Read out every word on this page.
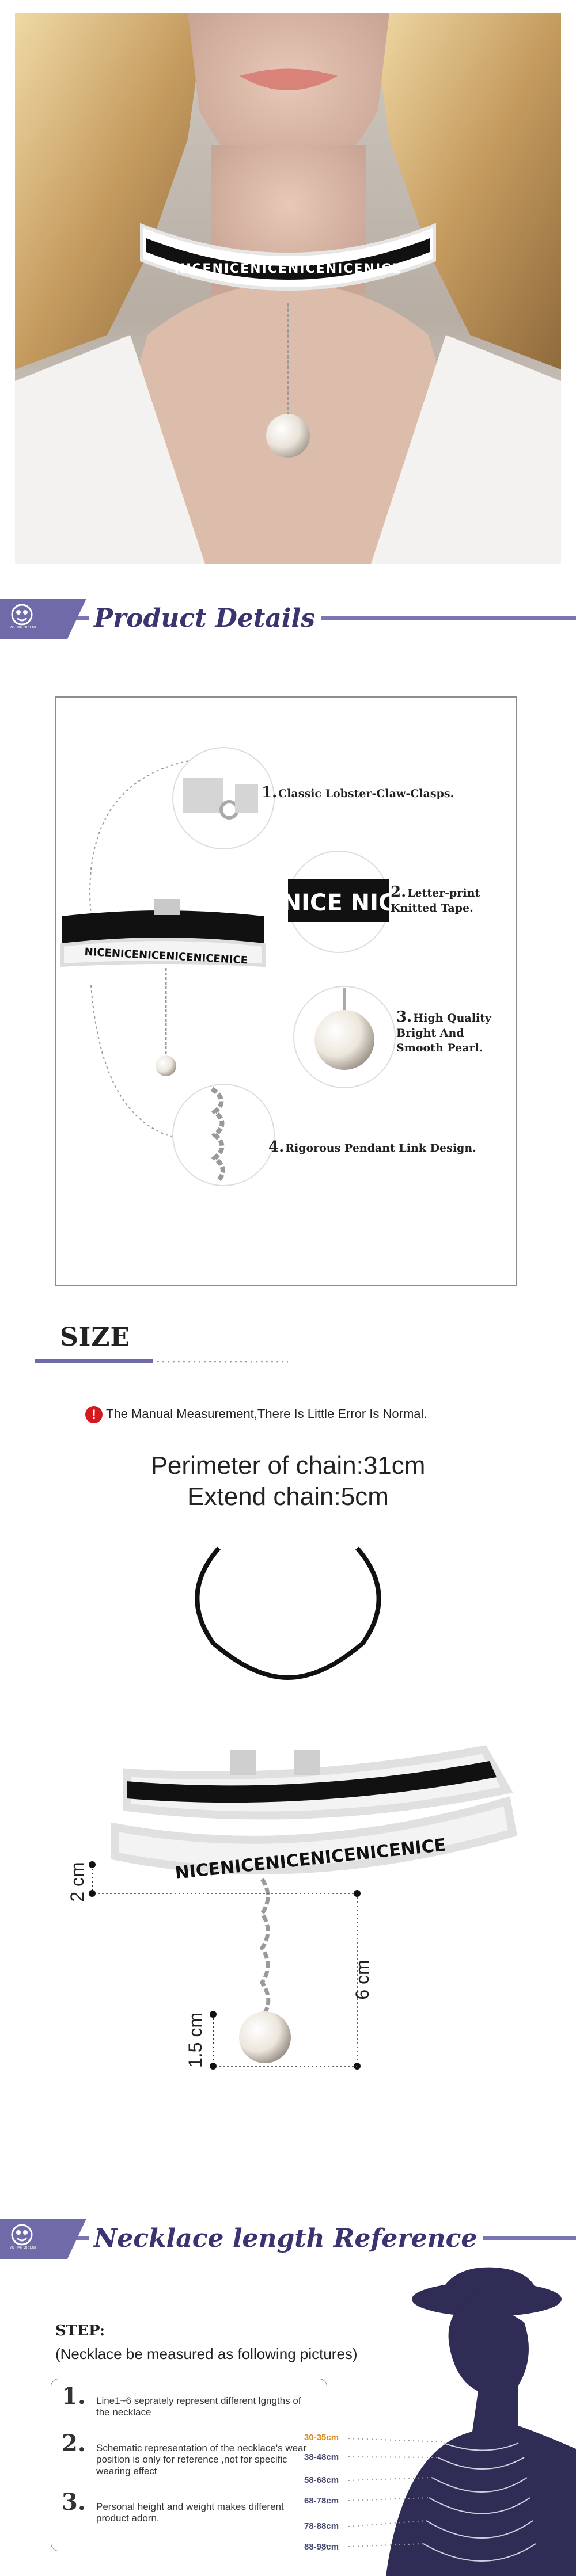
NICENICENICENICENICENICE
YU HAN ORIENT Product Details
NICENICENICENICENICENICE
NICE NIC
1. Classic Lobster-Claw-Clasps.
2. Letter-print Knitted Tape.
3. High Quality Bright And Smooth Pearl.
4. Rigorous Pendant Link Design.
SIZE
! The Manual Measurement,There Is Little Error Is Normal.
Perimeter of chain:31cm
Extend chain:5cm
NICENICENICENICENICENICE
2 cm
6 cm
1.5 cm
YU HAN ORIENT Necklace length Reference
STEP:
(Necklace be measured as following pictures)
1. Line1~6 seprately represent different lgngths of the necklace
2. Schematic representation of the necklace's wear position is only for reference ,not for specific wearing effect
3. Personal height and weight makes different product adorn.
30-35cm
38-48cm
58-68cm
68-78cm
78-88cm
88-98cm
